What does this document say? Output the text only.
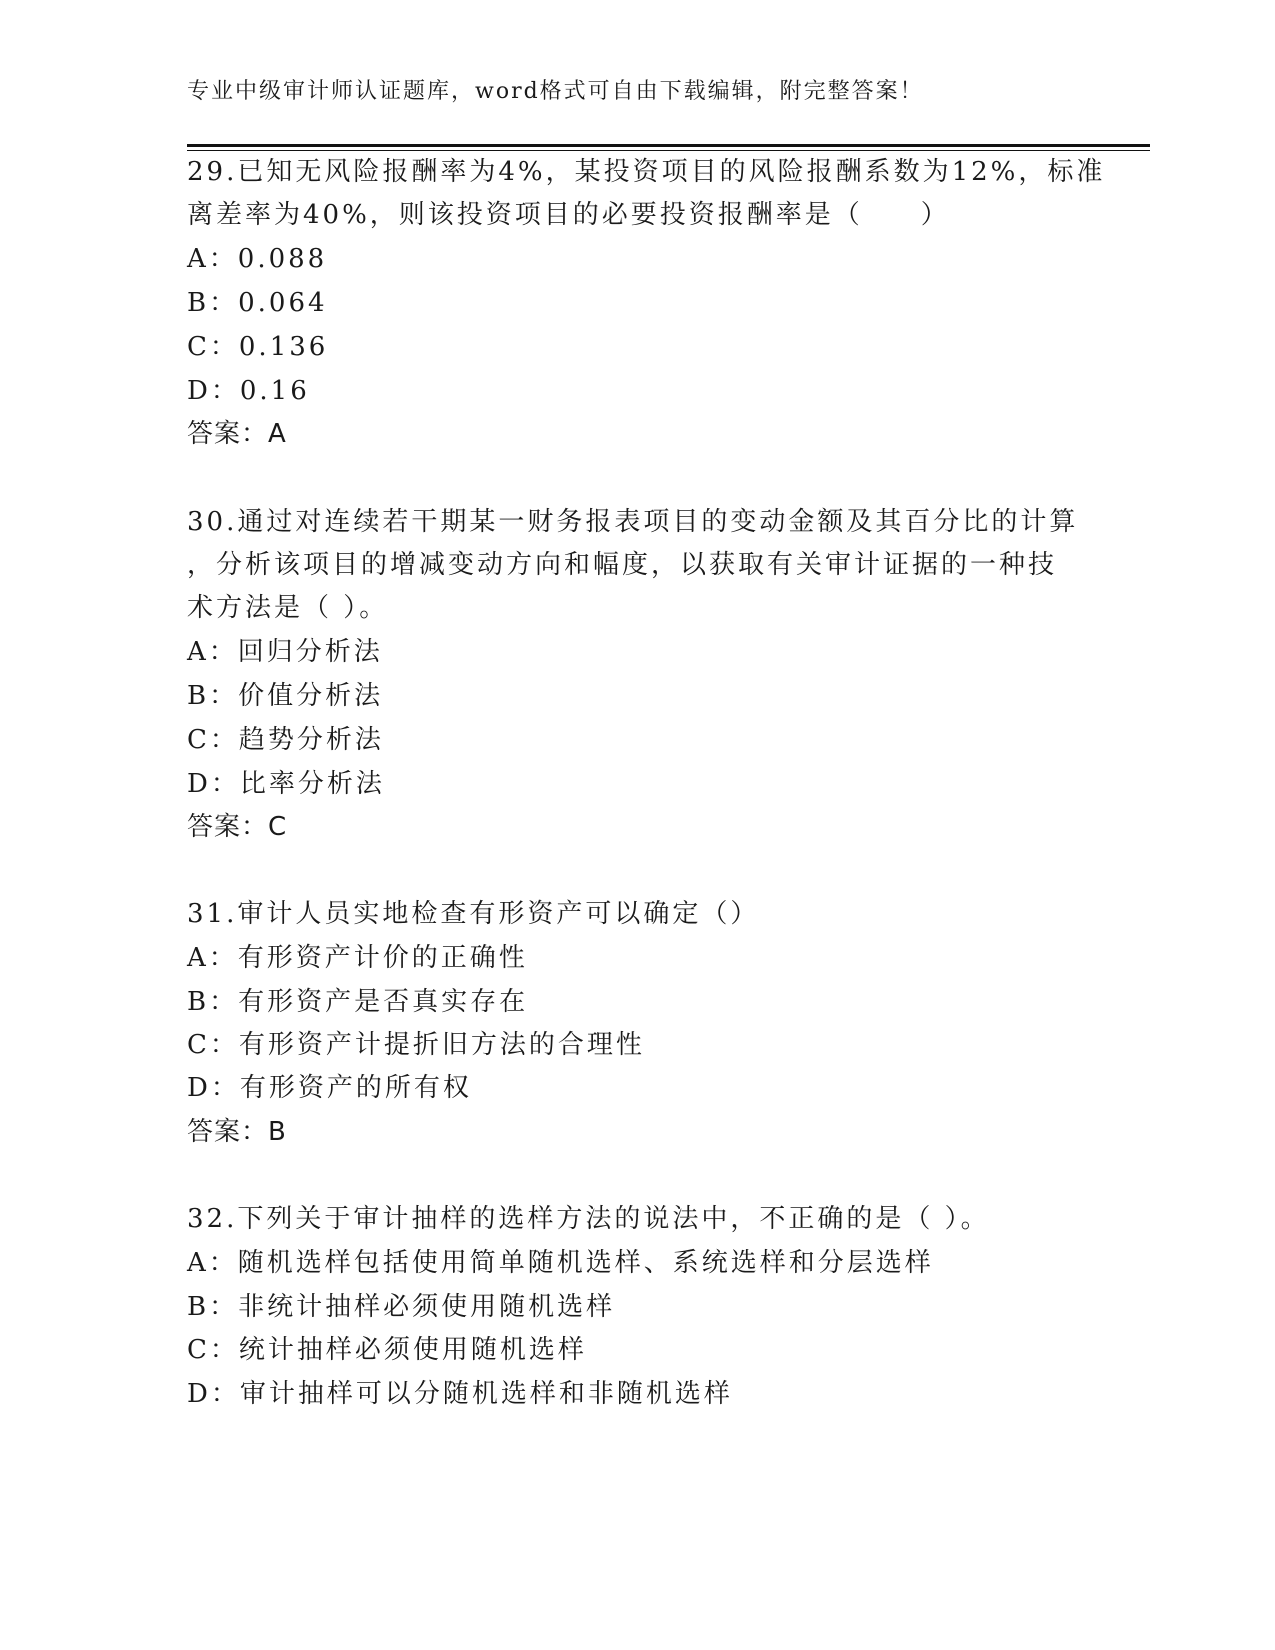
专业中级审计师认证题库，word格式可自由下载编辑，附完整答案！
29.已知无风险报酬率为4%，某投资项目的风险报酬系数为12%，标准
离差率为40%，则该投资项目的必要投资报酬率是（　　）
A：0.088
B：0.064
C：0.136
D：0.16
答案：A
30.通过对连续若干期某一财务报表项目的变动金额及其百分比的计算
，分析该项目的增减变动方向和幅度，以获取有关审计证据的一种技
术方法是（ ）。
A：回归分析法
B：价值分析法
C：趋势分析法
D：比率分析法
答案：C
31.审计人员实地检查有形资产可以确定（）
A：有形资产计价的正确性
B：有形资产是否真实存在
C：有形资产计提折旧方法的合理性
D：有形资产的所有权
答案：B
32.下列关于审计抽样的选样方法的说法中，不正确的是（ ）。
A：随机选样包括使用简单随机选样、系统选样和分层选样
B：非统计抽样必须使用随机选样
C：统计抽样必须使用随机选样
D：审计抽样可以分随机选样和非随机选样
